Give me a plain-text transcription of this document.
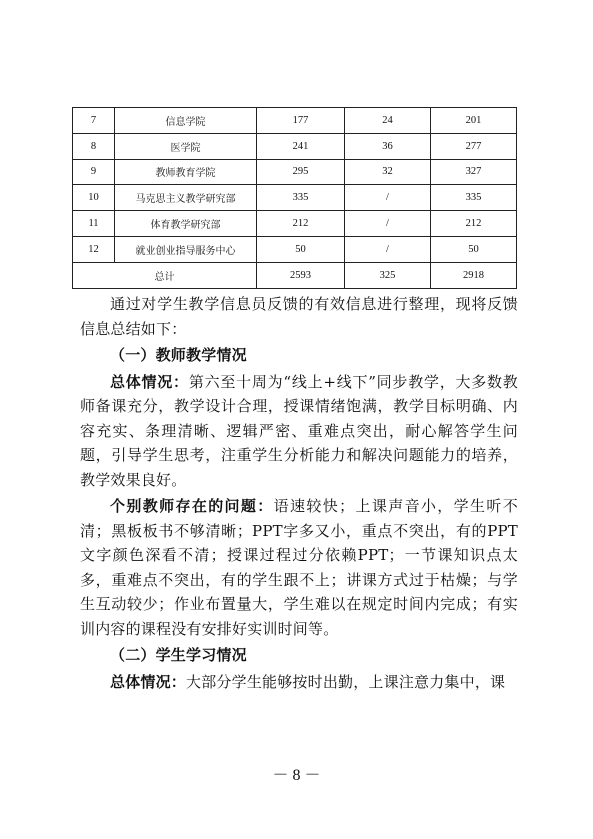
7	信息学院	177	24	201
8	医学院	241	36	277
9	教师教育学院	295	32	327
10	马克思主义教学研究部	335	/	335
11	体育教学研究部	212	/	212
12	就业创业指导服务中心	50	/	50
总计		2593	325	2918

通过对学生教学信息员反馈的有效信息进行整理，现将反馈信息总结如下：

（一）教师教学情况

总体情况：第六至十周为“线上+线下”同步教学，大多数教师备课充分，教学设计合理，授课情绪饱满，教学目标明确、内容充实、条理清晰、逻辑严密、重难点突出，耐心解答学生问题，引导学生思考，注重学生分析能力和解决问题能力的培养，教学效果良好。

个别教师存在的问题：语速较快；上课声音小，学生听不清；黑板板书不够清晰；PPT字多又小，重点不突出，有的PPT文字颜色深看不清；授课过程过分依赖PPT；一节课知识点太多，重难点不突出，有的学生跟不上；讲课方式过于枯燥；与学生互动较少；作业布置量大，学生难以在规定时间内完成；有实训内容的课程没有安排好实训时间等。

（二）学生学习情况

总体情况：大部分学生能够按时出勤，上课注意力集中，课

－ 8 －
